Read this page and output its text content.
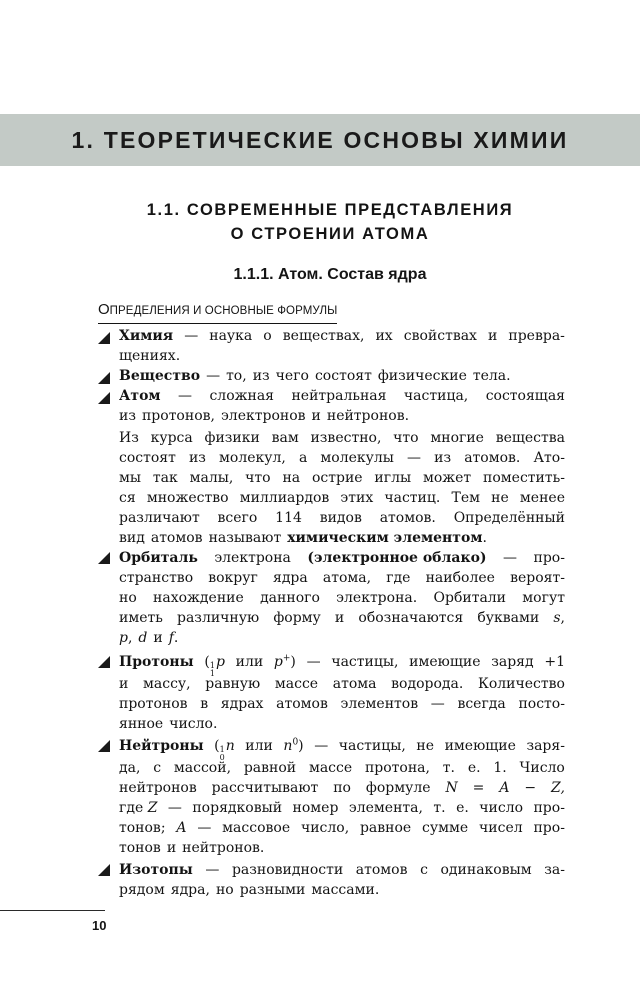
1. ТЕОРЕТИЧЕСКИЕ ОСНОВЫ ХИМИИ
1.1. СОВРЕМЕННЫЕ ПРЕДСТАВЛЕНИЯ
О СТРОЕНИИ АТОМА
1.1.1. Атом. Состав ядра
ОПРЕДЕЛЕНИЯ И ОСНОВНЫЕ ФОРМУЛЫ
Химия — наука о веществах, их свойствах и превра-
щениях.
Вещество — то, из чего состоят физические тела.
Атом — сложная нейтральная частица, состоящая
из протонов, электронов и нейтронов.
Из курса физики вам известно, что многие вещества
состоят из молекул, а молекулы — из атомов. Ато-
мы так малы, что на острие иглы может поместить-
ся множество миллиардов этих частиц. Тем не менее
различают всего 114 видов атомов. Определённый
вид атомов называют химическим элементом.
Орбиталь электрона (электронное облако) — про-
странство вокруг ядра атома, где наиболее вероят-
но нахождение данного электрона. Орбитали могут
иметь различную форму и обозначаются буквами s,
p, d и f.
Протоны ( 1
1
p или p+) — частицы, имеющие заряд +1
и массу, равную массе атома водорода. Количество
протонов в ядрах атомов элементов — всегда посто-
янное число.
Нейтроны ( 1
0
n или $n^0$) — частицы, не имеющие заря-
да, с массой, равной массе протона, т. е. 1. Число
нейтронов рассчитывают по формуле N = A − Z,
где Z — порядковый номер элемента, т. е. число про-
тонов; A — массовое число, равное сумме чисел про-
тонов и нейтронов.
Изотопы — разновидности атомов с одинаковым за-
рядом ядра, но разными массами.
10
